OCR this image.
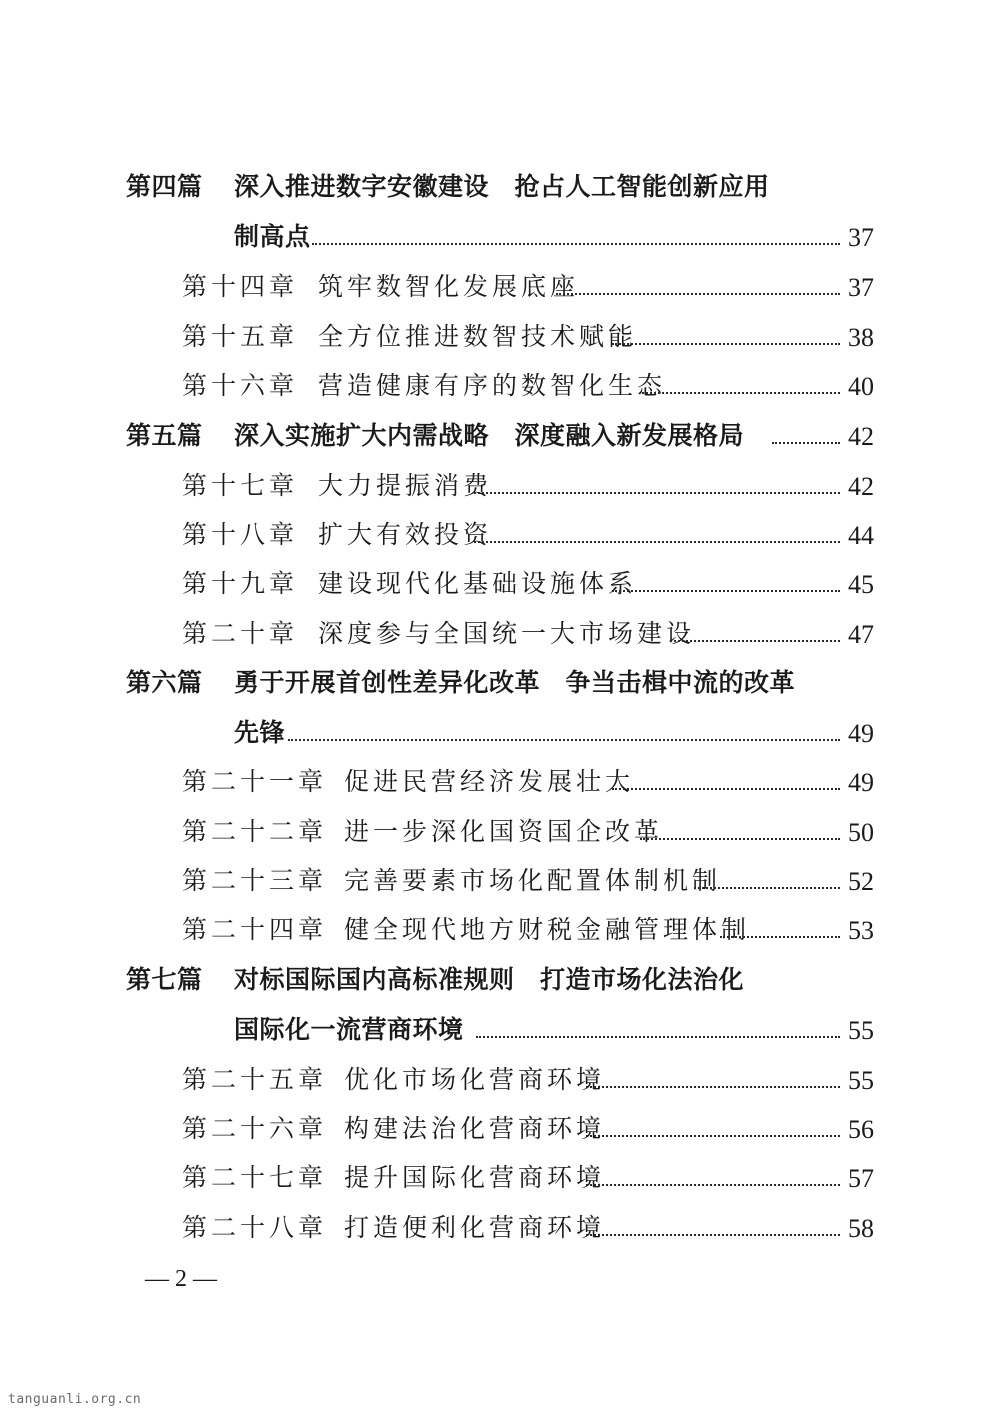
第四篇 深入推进数字安徽建设　抢占人工智能创新应用
制高点	37
第十四章 筑牢数智化发展底座	37
第十五章 全方位推进数智技术赋能	38
第十六章 营造健康有序的数智化生态	40
第五篇 深入实施扩大内需战略　深度融入新发展格局	42
第十七章 大力提振消费	42
第十八章 扩大有效投资	44
第十九章 建设现代化基础设施体系	45
第二十章 深度参与全国统一大市场建设	47
第六篇 勇于开展首创性差异化改革　争当击楫中流的改革
先锋	49
第二十一章 促进民营经济发展壮大	49
第二十二章 进一步深化国资国企改革	50
第二十三章 完善要素市场化配置体制机制	52
第二十四章 健全现代地方财税金融管理体制	53
第七篇 对标国际国内高标准规则　打造市场化法治化
国际化一流营商环境	55
第二十五章 优化市场化营商环境	55
第二十六章 构建法治化营商环境	56
第二十七章 提升国际化营商环境	57
第二十八章 打造便利化营商环境	58
— 2 —
tanguanli.org.cn
